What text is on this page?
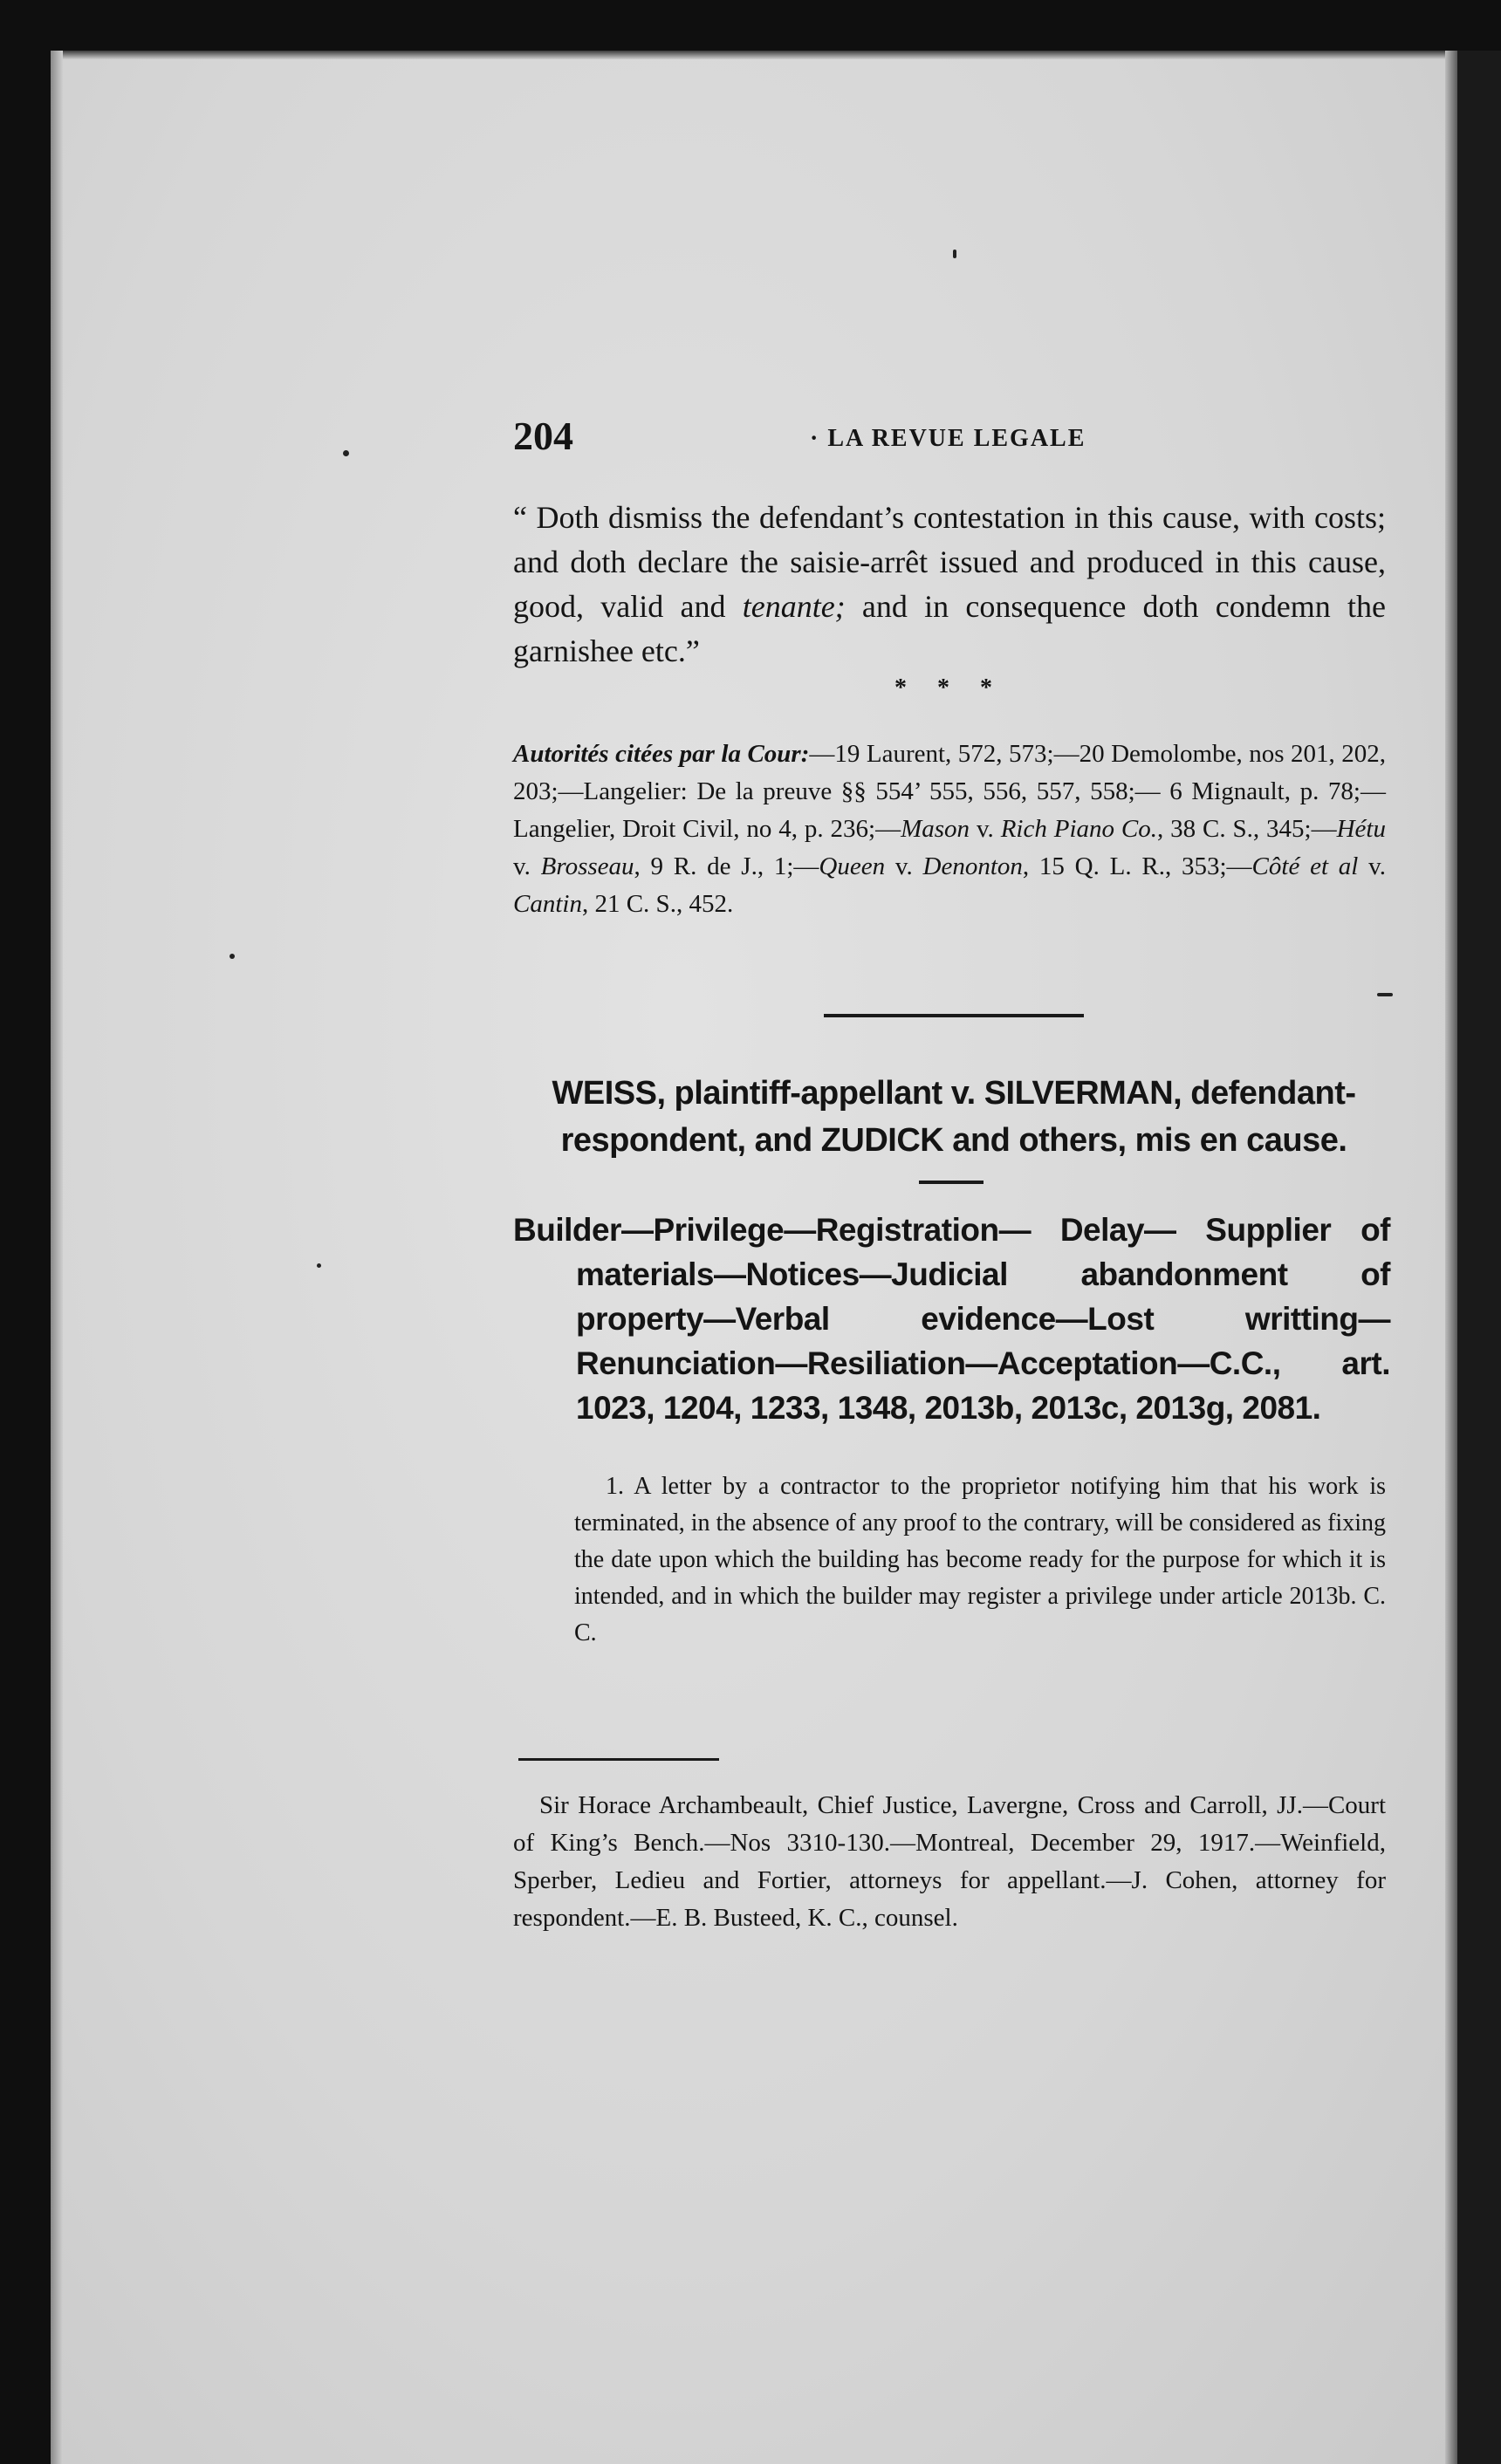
204	· LA REVUE LEGALE

“ Doth dismiss the defendant’s contestation in this cause, with costs; and doth declare the saisie-arrêt issued and produced in this cause, good, valid and tenante; and in consequence doth condemn the garnishee etc.”

* * *

Autorités citées par la Cour:—19 Laurent, 572, 573;—20 Demolombe, nos 201, 202, 203;—Langelier: De la preuve §§ 554’ 555, 556, 557, 558;— 6 Mignault, p. 78;—Langelier, Droit Civil, no 4, p. 236;—Mason v. Rich Piano Co., 38 C. S., 345;—Hétu v. Brosseau, 9 R. de J., 1;—Queen v. Denonton, 15 Q. L. R., 353;—Côté et al v. Cantin, 21 C. S., 452.

WEISS, plaintiff-appellant v. SILVERMAN, defendant-
respondent, and ZUDICK and others, mis en cause.
Builder—Privilege—Registration— Delay— Supplier of materials—Notices—Judicial abandonment of property—Verbal evidence—Lost writting—Renunciation—Resiliation—Acceptation—C.C., art. 1023, 1204, 1233, 1348, 2013b, 2013c, 2013g, 2081.
1. A letter by a contractor to the proprietor notifying him that his work is terminated, in the absence of any proof to the contrary, will be considered as fixing the date upon which the building has become ready for the purpose for which it is intended, and in which the builder may register a privilege under article 2013b. C. C.
Sir Horace Archambeault, Chief Justice, Lavergne, Cross and Carroll, JJ.—Court of King’s Bench.—Nos 3310-130.—Montreal, December 29, 1917.—Weinfield, Sperber, Ledieu and Fortier, attorneys for appellant.—J. Cohen, attorney for respondent.—E. B. Busteed, K. C., counsel.
